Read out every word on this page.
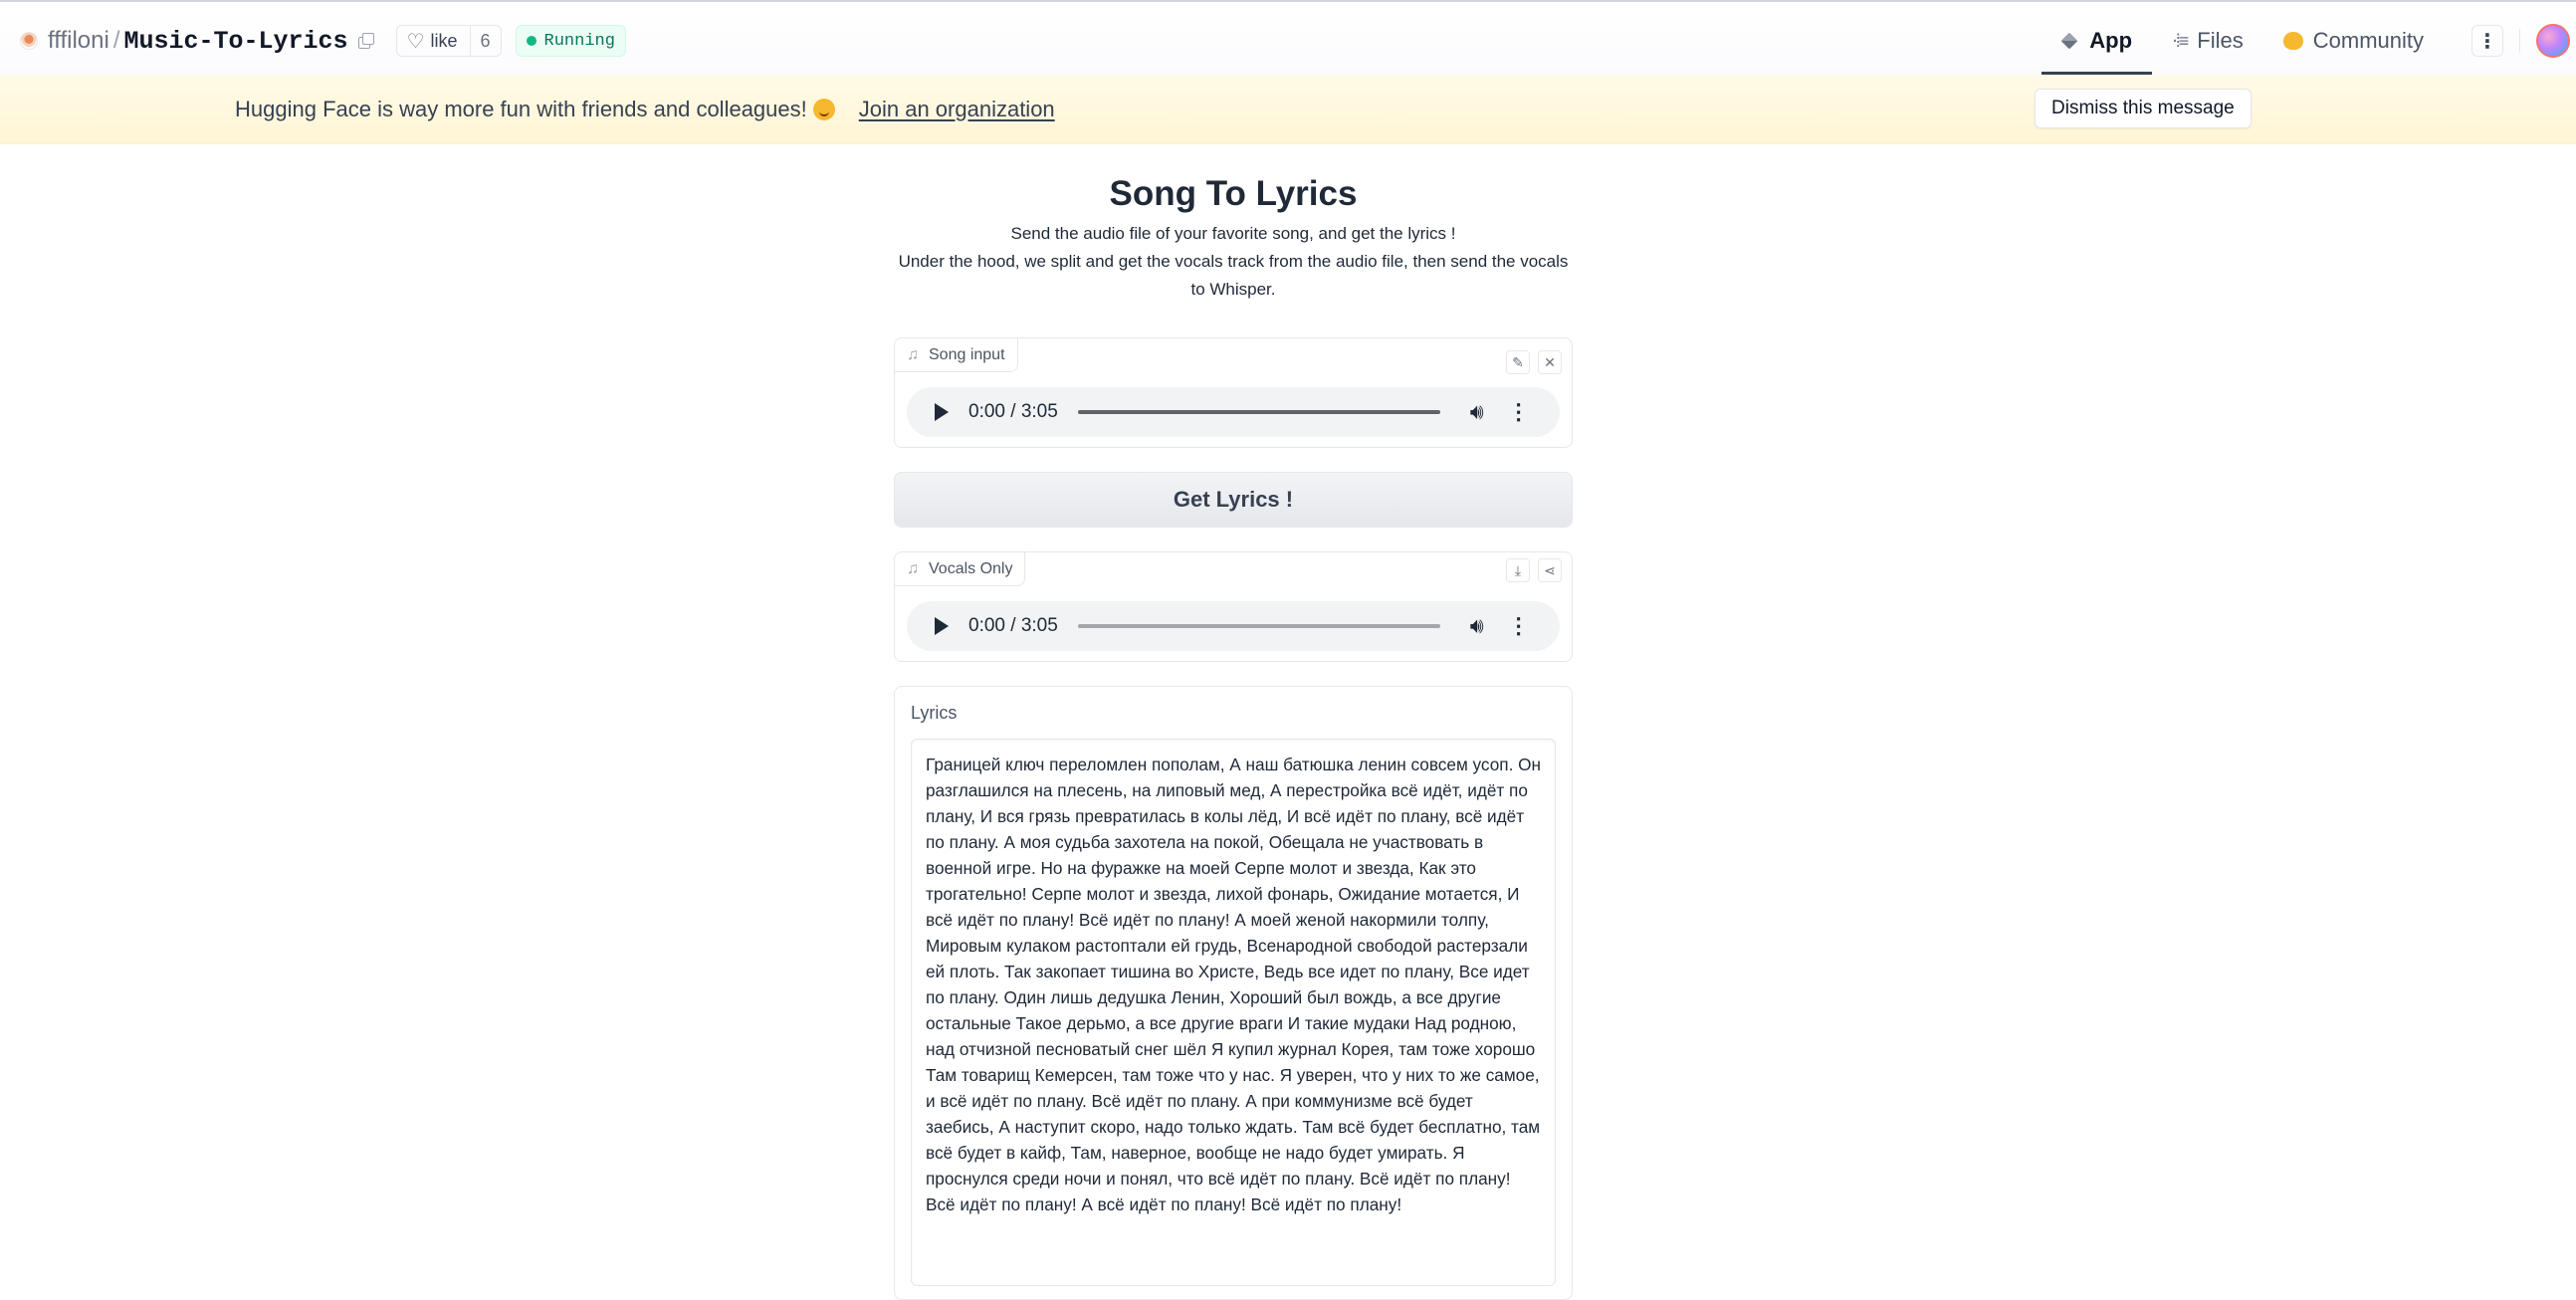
fffiloni / Music-To-Lyrics	♡ like	6	Running	App ⋅⁞≡ Files	Community	⋮
Hugging Face is way more fun with friends and colleagues! Join an organization	Dismiss this message
Song To Lyrics
Send the audio file of your favorite song, and get the lyrics !
Under the hood, we split and get the vocals track from the audio file, then send the vocals to Whisper.
♫ Song input	✎	✕
0:00 / 3:05	🔊︎ ⋮
Get Lyrics !
♫ Vocals Only	⤓	⋖
0:00 / 3:05	🔊︎ ⋮
Lyrics
Границей ключ переломлен пополам, А наш батюшка ленин совсем усоп. Он разглашился на плесень, на липовый мед, А перестройка всё идёт, идёт по плану, И вся грязь превратилась в колы лёд, И всё идёт по плану, всё идёт по плану. А моя судьба захотела на покой, Обещала не участвовать в военной игре. Но на фуражке на моей Серпе молот и звезда, Как это трогательно! Серпе молот и звезда, лихой фонарь, Ожидание мотается, И всё идёт по плану! Всё идёт по плану! А моей женой накормили толпу, Мировым кулаком растоптали ей грудь, Всенародной свободой растерзали ей плоть. Так закопает тишина во Христе, Ведь все идет по плану, Все идет по плану. Один лишь дедушка Ленин, Хороший был вождь, а все другие остальные Такое дерьмо, а все другие враги И такие мудаки Над родною, над отчизной песноватый снег шёл Я купил журнал Корея, там тоже хорошо Там товарищ Кемерсен, там тоже что у нас. Я уверен, что у них то же самое, и всё идёт по плану. Всё идёт по плану. А при коммунизме всё будет заебись, А наступит скоро, надо только ждать. Там всё будет бесплатно, там всё будет в кайф, Там, наверное, вообще не надо будет умирать. Я проснулся среди ночи и понял, что всё идёт по плану. Всё идёт по плану! Всё идёт по плану! А всё идёт по плану! Всё идёт по плану!
